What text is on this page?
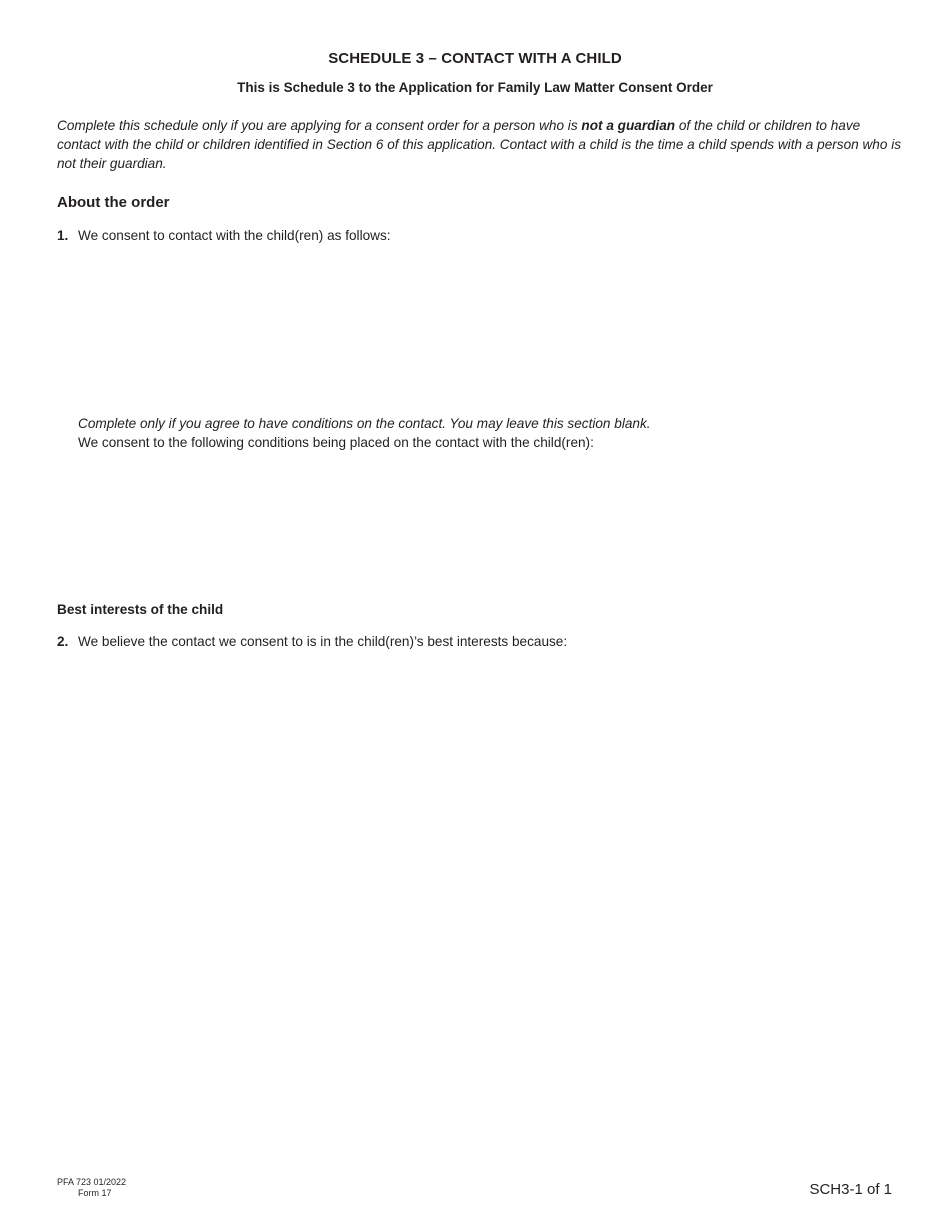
SCHEDULE 3 – CONTACT WITH A CHILD
This is Schedule 3 to the Application for Family Law Matter Consent Order
Complete this schedule only if you are applying for a consent order for a person who is not a guardian of the child or children to have contact with the child or children identified in Section 6 of this application. Contact with a child is the time a child spends with a person who is not their guardian.
About the order
1. We consent to contact with the child(ren) as follows:
Complete only if you agree to have conditions on the contact. You may leave this section blank.
We consent to the following conditions being placed on the contact with the child(ren):
Best interests of the child
2. We believe the contact we consent to is in the child(ren)’s best interests because:
PFA 723 01/2022
Form 17	SCH3-1 of 1
